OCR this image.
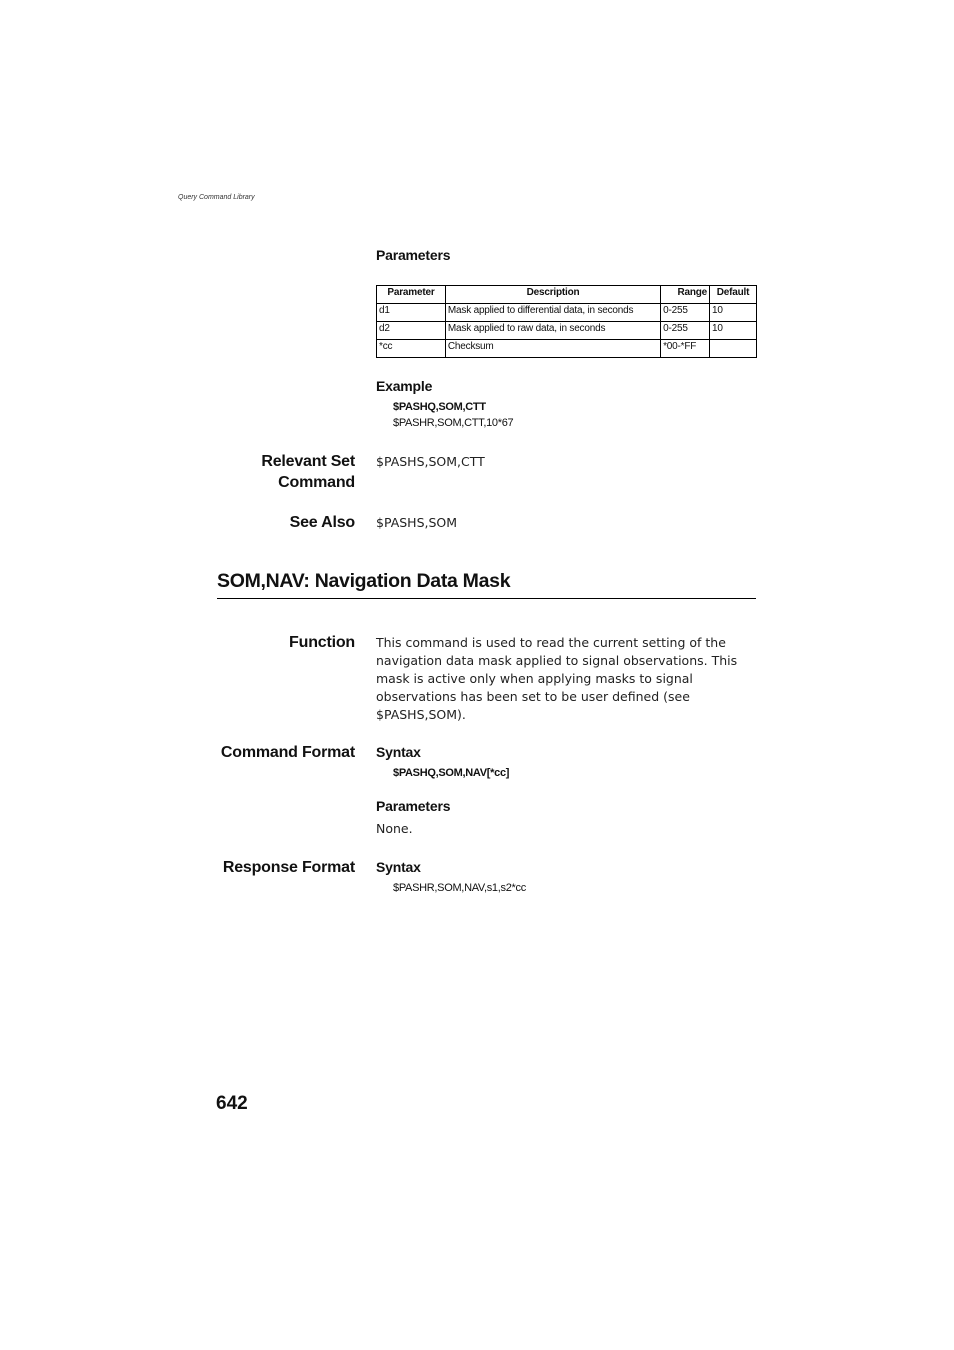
Query Command Library
Parameters
Parameter	Description	Range	Default
d1	Mask applied to differential data, in seconds	0-255	10
d2	Mask applied to raw data, in seconds	0-255	10
*cc	Checksum	*00-*FF	
Example
$PASHQ,SOM,CTT
$PASHR,SOM,CTT,10*67
Relevant Set
Command
$PASHS,SOM,CTT
See Also $PASHS,SOM
SOM,NAV: Navigation Data Mask
Function This command is used to read the current setting of the navigation data mask applied to signal observations. This mask is active only when applying masks to signal observations has been set to be user defined (see $PASHS,SOM).
Command Format Syntax
$PASHQ,SOM,NAV[*cc]
Parameters
None.
Response Format Syntax
$PASHR,SOM,NAV,s1,s2*cc
642
